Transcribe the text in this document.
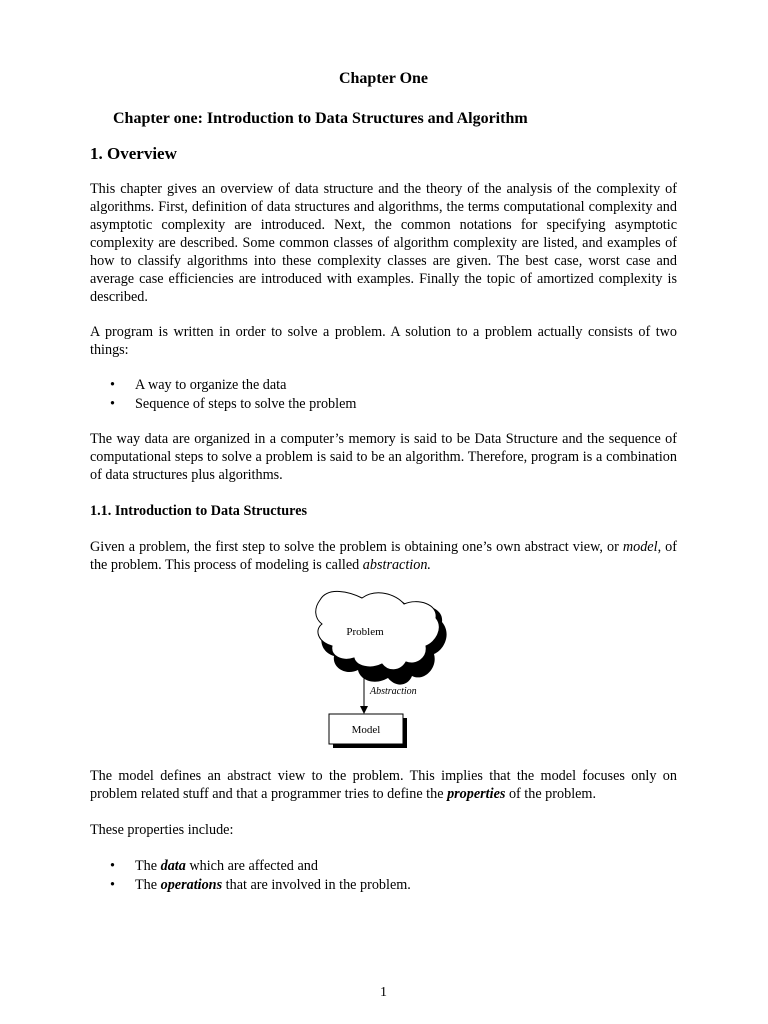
Chapter One
Chapter one: Introduction to Data Structures and Algorithm
1. Overview

This chapter gives an overview of data structure and the theory of the analysis of the complexity of algorithms. First, definition of data structures and algorithms, the terms computational complexity and asymptotic complexity are introduced. Next, the common notations for specifying asymptotic complexity are described. Some common classes of algorithm complexity are listed, and examples of how to classify algorithms into these complexity classes are given. The best case, worst case and average case efficiencies are introduced with examples. Finally the topic of amortized complexity is described.

A program is written in order to solve a problem. A solution to a problem actually consists of two things:

• A way to organize the data
• Sequence of steps to solve the problem

The way data are organized in a computer’s memory is said to be Data Structure and the sequence of computational steps to solve a problem is said to be an algorithm. Therefore, program is a combination of data structures plus algorithms.

1.1. Introduction to Data Structures

Given a problem, the first step to solve the problem is obtaining one’s own abstract view, or model, of the problem. This process of modeling is called abstraction.

Problem
Abstraction
Model

The model defines an abstract view to the problem. This implies that the model focuses only on problem related stuff and that a programmer tries to define the properties of the problem.

These properties include:

• The data which are affected and
• The operations that are involved in the problem.
1
